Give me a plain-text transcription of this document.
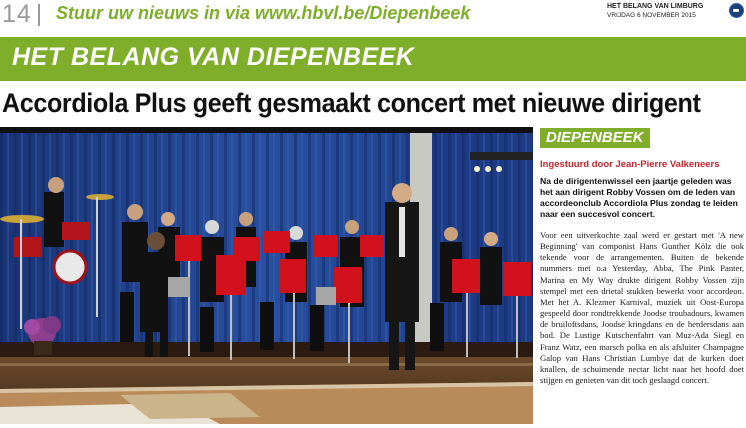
14 Stuur uw nieuws in via www.hbvl.be/Diepenbeek	HET BELANG VAN LIMBURG
VRIJDAG 6 NOVEMBER 2015
HET BELANG VAN DIEPENBEEK
Accordiola Plus geeft gesmaakt concert met nieuwe dirigent
DIEPENBEEK
Ingestuurd door Jean-Pierre Valkeneers

Na de dirigentenwissel een jaartje geleden was het aan dirigent Robby Vossen om de leden van accordeonclub Accordiola Plus zondag te leiden naar een succesvol concert.

Voor een uitverkochte zaal werd er gestart met 'A new Beginning' van componist Hans Gunther Kölz die ook tekende voor de arrangementen. Buiten de bekende nummers met o.a Yesterday, Abba, The Pink Panter, Marina en My Way drukte dirigent Robby Vossen zijn stempel met een drietal stukken bewerkt voor accordeon. Met het A. Klezmer Karnival, muziek uit Oost-Europa gespeeld door rondtrekkende Joodse troubadours, kwamen de bruiloftsdans, Joodse kringdans en de herdersdans aan bod. De Lustige Kutschenfahrt van Muz-Ada Siegl en Franz Watz, een marsch polka en als afsluiter Champagne Galop van Hans Christian Lumbye dat de kurken doet knallen, de schuimende nectar licht naar het hoofd doet stijgen en genieten van dit toch geslaagd concert.
